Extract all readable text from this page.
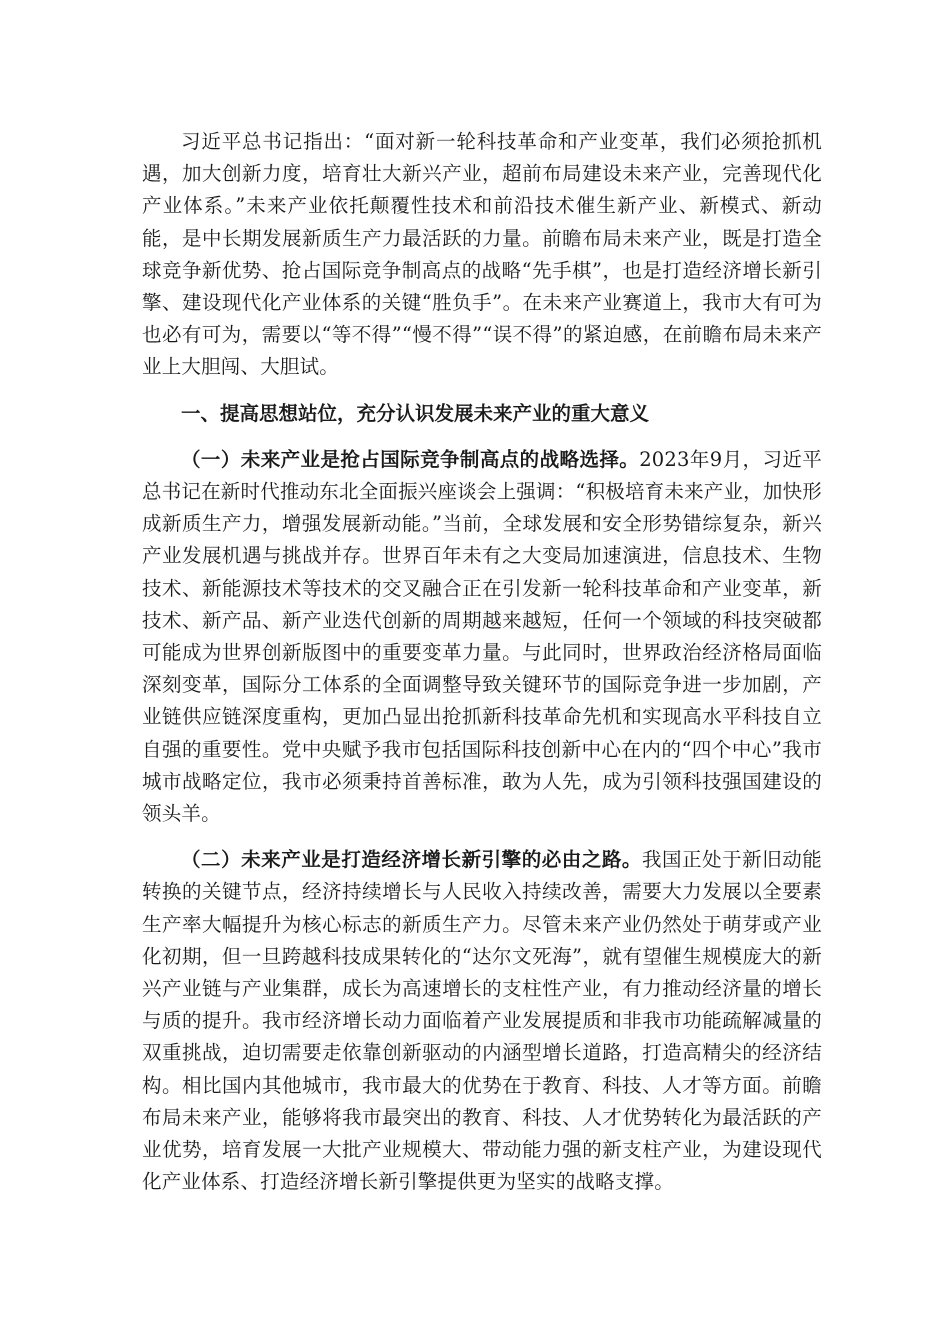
习近平总书记指出：“面对新一轮科技革命和产业变革，我们必须抢抓机遇，加大创新力度，培育壮大新兴产业，超前布局建设未来产业，完善现代化产业体系。”未来产业依托颠覆性技术和前沿技术催生新产业、新模式、新动能，是中长期发展新质生产力最活跃的力量。前瞻布局未来产业，既是打造全球竞争新优势、抢占国际竞争制高点的战略“先手棋”，也是打造经济增长新引擎、建设现代化产业体系的关键“胜负手”。在未来产业赛道上，我市大有可为也必有可为，需要以“等不得”“慢不得”“误不得”的紧迫感，在前瞻布局未来产业上大胆闯、大胆试。

一、提高思想站位，充分认识发展未来产业的重大意义

（一）未来产业是抢占国际竞争制高点的战略选择。2023年9月，习近平总书记在新时代推动东北全面振兴座谈会上强调：“积极培育未来产业，加快形成新质生产力，增强发展新动能。”当前，全球发展和安全形势错综复杂，新兴产业发展机遇与挑战并存。世界百年未有之大变局加速演进，信息技术、生物技术、新能源技术等技术的交叉融合正在引发新一轮科技革命和产业变革，新技术、新产品、新产业迭代创新的周期越来越短，任何一个领域的科技突破都可能成为世界创新版图中的重要变革力量。与此同时，世界政治经济格局面临深刻变革，国际分工体系的全面调整导致关键环节的国际竞争进一步加剧，产业链供应链深度重构，更加凸显出抢抓新科技革命先机和实现高水平科技自立自强的重要性。党中央赋予我市包括国际科技创新中心在内的“四个中心”我市城市战略定位，我市必须秉持首善标准，敢为人先，成为引领科技强国建设的领头羊。

（二）未来产业是打造经济增长新引擎的必由之路。我国正处于新旧动能转换的关键节点，经济持续增长与人民收入持续改善，需要大力发展以全要素生产率大幅提升为核心标志的新质生产力。尽管未来产业仍然处于萌芽或产业化初期，但一旦跨越科技成果转化的“达尔文死海”，就有望催生规模庞大的新兴产业链与产业集群，成长为高速增长的支柱性产业，有力推动经济量的增长与质的提升。我市经济增长动力面临着产业发展提质和非我市功能疏解减量的双重挑战，迫切需要走依靠创新驱动的内涵型增长道路，打造高精尖的经济结构。相比国内其他城市，我市最大的优势在于教育、科技、人才等方面。前瞻布局未来产业，能够将我市最突出的教育、科技、人才优势转化为最活跃的产业优势，培育发展一大批产业规模大、带动能力强的新支柱产业，为建设现代化产业体系、打造经济增长新引擎提供更为坚实的战略支撑。
